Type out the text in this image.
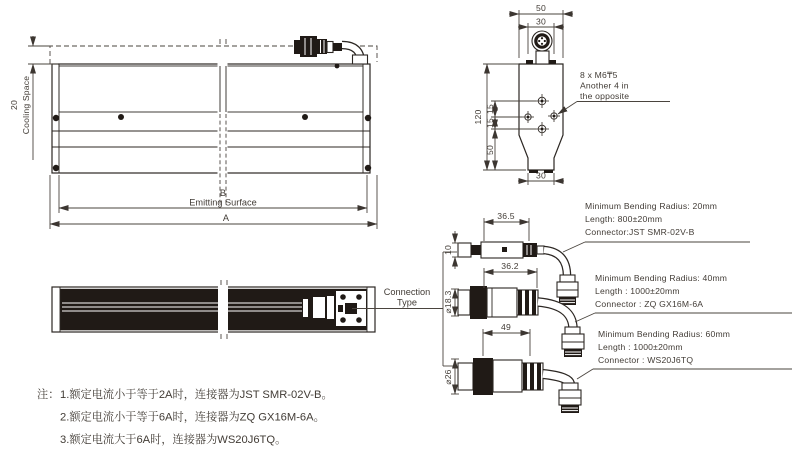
20 Cooling Space
B
Emitting Surface
A
50
30
120
15
15
50
30
8 x M6₸5
Another 4 in
the opposite
Connection
Type
36.5
10
Minimum Bending Radius: 20mm
Length: 800±20mm
Connector:JST SMR-02V-B
36.2
⌀18.3
Minimum Bending Radius: 40mm
Length : 1000±20mm
Connector : ZQ GX16M-6A
49
⌀26
Minimum Bending Radius: 60mm
Length : 1000±20mm
Connector : WS20J6TQ
注： 1.额定电流小于等于2A时，连接器为JST SMR-02V-B。
2.额定电流小于等于6A时，连接器为ZQ GX16M-6A。
3.额定电流大于6A时，连接器为WS20J6TQ。
